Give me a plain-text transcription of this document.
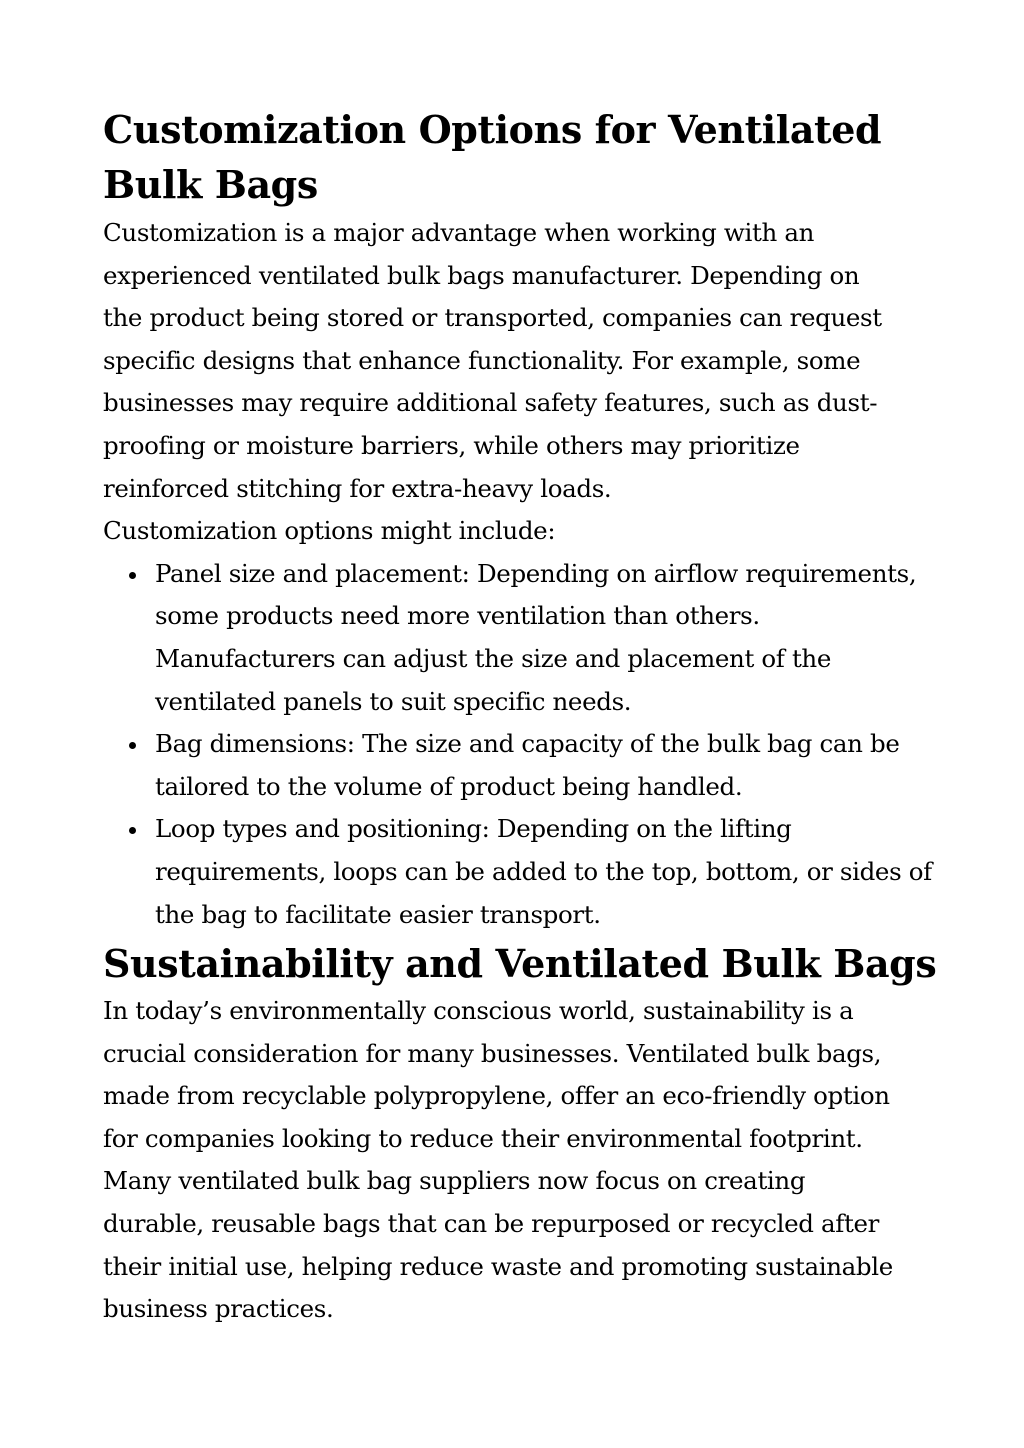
Customization Options for Ventilated Bulk Bags

Customization is a major advantage when working with an experienced ventilated bulk bags manufacturer. Depending on the product being stored or transported, companies can request specific designs that enhance functionality. For example, some businesses may require additional safety features, such as dust-proofing or moisture barriers, while others may prioritize reinforced stitching for extra-heavy loads.

Customization options might include:

Panel size and placement: Depending on airflow requirements, some products need more ventilation than others. Manufacturers can adjust the size and placement of the ventilated panels to suit specific needs.
Bag dimensions: The size and capacity of the bulk bag can be tailored to the volume of product being handled.
Loop types and positioning: Depending on the lifting requirements, loops can be added to the top, bottom, or sides of the bag to facilitate easier transport.
Sustainability and Ventilated Bulk Bags

In today’s environmentally conscious world, sustainability is a crucial consideration for many businesses. Ventilated bulk bags, made from recyclable polypropylene, offer an eco-friendly option for companies looking to reduce their environmental footprint. Many ventilated bulk bag suppliers now focus on creating durable, reusable bags that can be repurposed or recycled after their initial use, helping reduce waste and promoting sustainable business practices.
